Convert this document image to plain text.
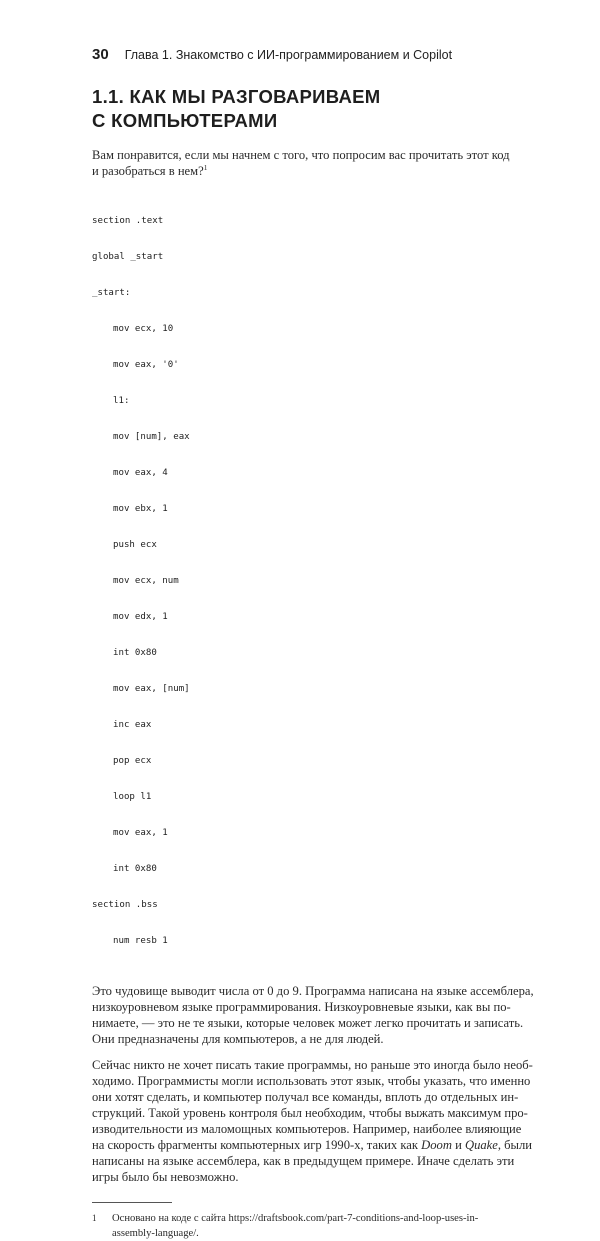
30 Глава 1. Знакомство с ИИ-программированием и Copilot
1.1. КАК МЫ РАЗГОВАРИВАЕМ
С КОМПЬЮТЕРАМИ

Вам понравится, если мы начнем с того, что попросим вас прочитать этот код
и разобраться в нем?$^1$

section .text

global _start

_start:

mov ecx, 10

mov eax, '0'

l1:

mov [num], eax

mov eax, 4

mov ebx, 1

push ecx

mov ecx, num

mov edx, 1

int 0x80

mov eax, [num]

inc eax

pop ecx

loop l1

mov eax, 1

int 0x80

section .bss

num resb 1

Это чудовище выводит числа от 0 до 9. Программа написана на языке ассемблера,
низкоуровневом языке программирования. Низкоуровневые языки, как вы по-
нимаете, — это не те языки, которые человек может легко прочитать и записать.
Они предназначены для компьютеров, а не для людей.

Сейчас никто не хочет писать такие программы, но раньше это иногда было необ-
ходимо. Программисты могли использовать этот язык, чтобы указать, что именно
они хотят сделать, и компьютер получал все команды, вплоть до отдельных ин-
струкций. Такой уровень контроля был необходим, чтобы выжать максимум про-
изводительности из маломощных компьютеров. Например, наиболее влияющие
на скорость фрагменты компьютерных игр 1990-х, таких как Doom и Quake, были
написаны на языке ассемблера, как в предыдущем примере. Иначе сделать эти
игры было бы невозможно.

1 Основано на коде с сайта https://draftsbook.com/part-7-conditions-and-loop-uses-in-
assembly-language/.
